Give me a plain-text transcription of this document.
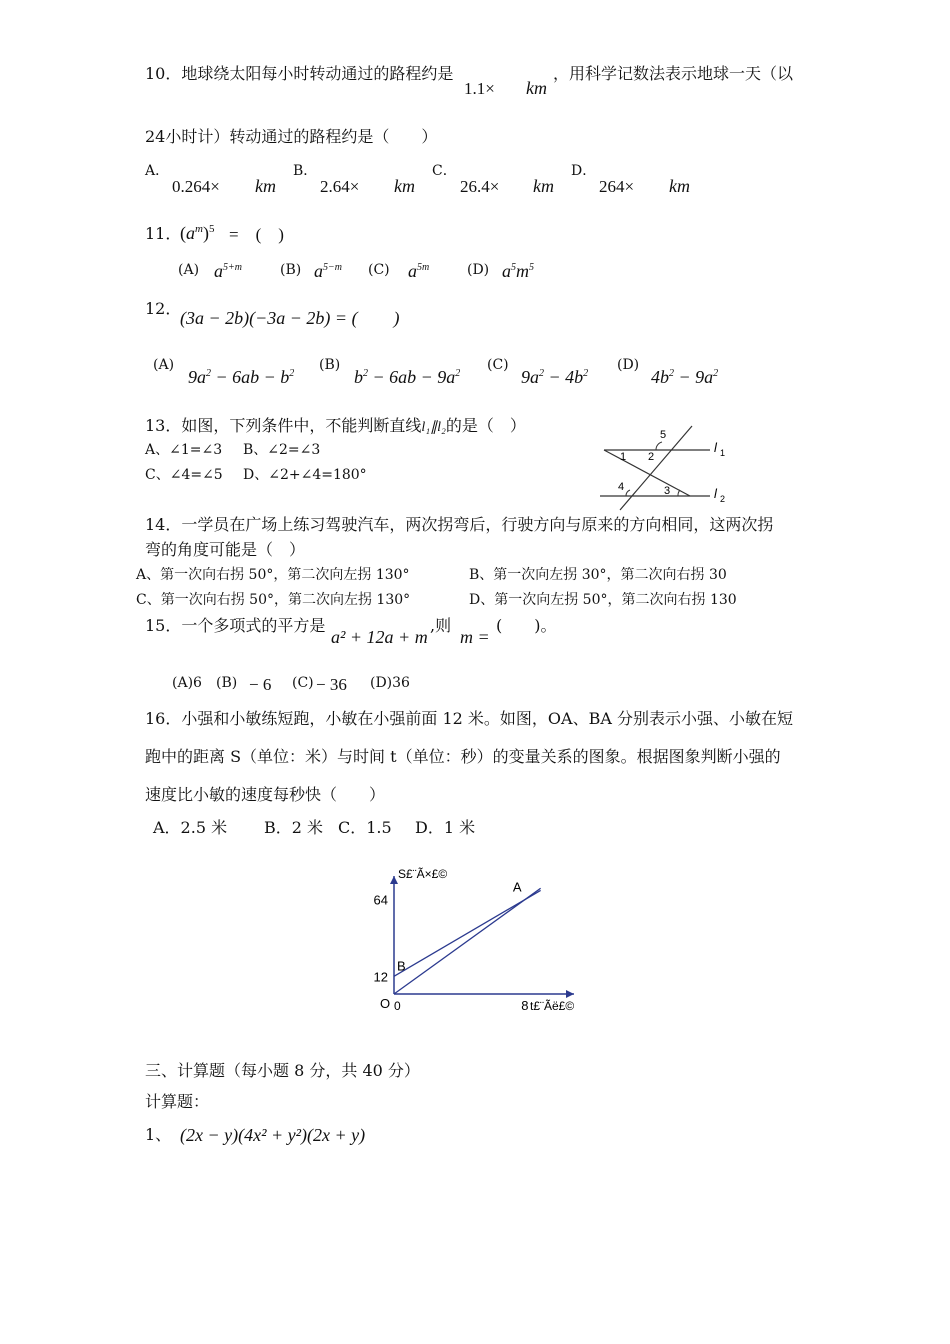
10．地球绕太阳每小时转动通过的路程约是
1.1× km
，用科学记数法表示地球一天（以
24小时计）转动通过的路程约是（　　）
A．
0.264× km
B．
2.64× km
C．
26.4× km
D．
264× km
11．
$(a^m)^5$ =　(　)
(A) $a^{5+m}$	(B) $a^{5-m}$ (C) $a^{5m}$	(D) $a^5m^5$
12．
(3a − 2b)(−3a − 2b) = (　　)
(A)
$9a^2 - 6ab - b^2$
(B)
$b^2 - 6ab - 9a^2$
(C)
$9a^2 - 4b^2$
(D)
$4b^2 - 9a^2$
13．如图，下列条件中，不能判断直线l₁∥l₂的是（　）
A、∠1=∠3 B、∠2=∠3
C、∠4=∠5 D、∠2+∠4=180°
1 2
3
4
5
l 1
l 2
14．一学员在广场上练习驾驶汽车，两次拐弯后，行驶方向与原来的方向相同，这两次拐
弯的角度可能是（　）
A、第一次向右拐 50°，第二次向左拐 130°	B、第一次向左拐 30°，第二次向右拐 30
C、第一次向右拐 50°，第二次向左拐 130°	D、第一次向左拐 50°，第二次向右拐 130
15．一个多项式的平方是
a² + 12a + m
,则
m =
(　　)。
(A)6 (B) − 6 (C) − 36 (D)36
16．小强和小敏练短跑，小敏在小强前面 12 米。如图，OA、BA 分别表示小强、小敏在短
跑中的距离 S（单位：米）与时间 t（单位：秒）的变量关系的图象。根据图象判断小强的
速度比小敏的速度每秒快（　　）
A．2.5 米 B．2 米 C．1.5 D．1 米
S£¨Ã×£©
t£¨Ãë£©
12
64
0	8
O
A
B
三、计算题（每小题 8 分，共 40 分）
计算题：
1、 (2x − y)(4x² + y²)(2x + y)
